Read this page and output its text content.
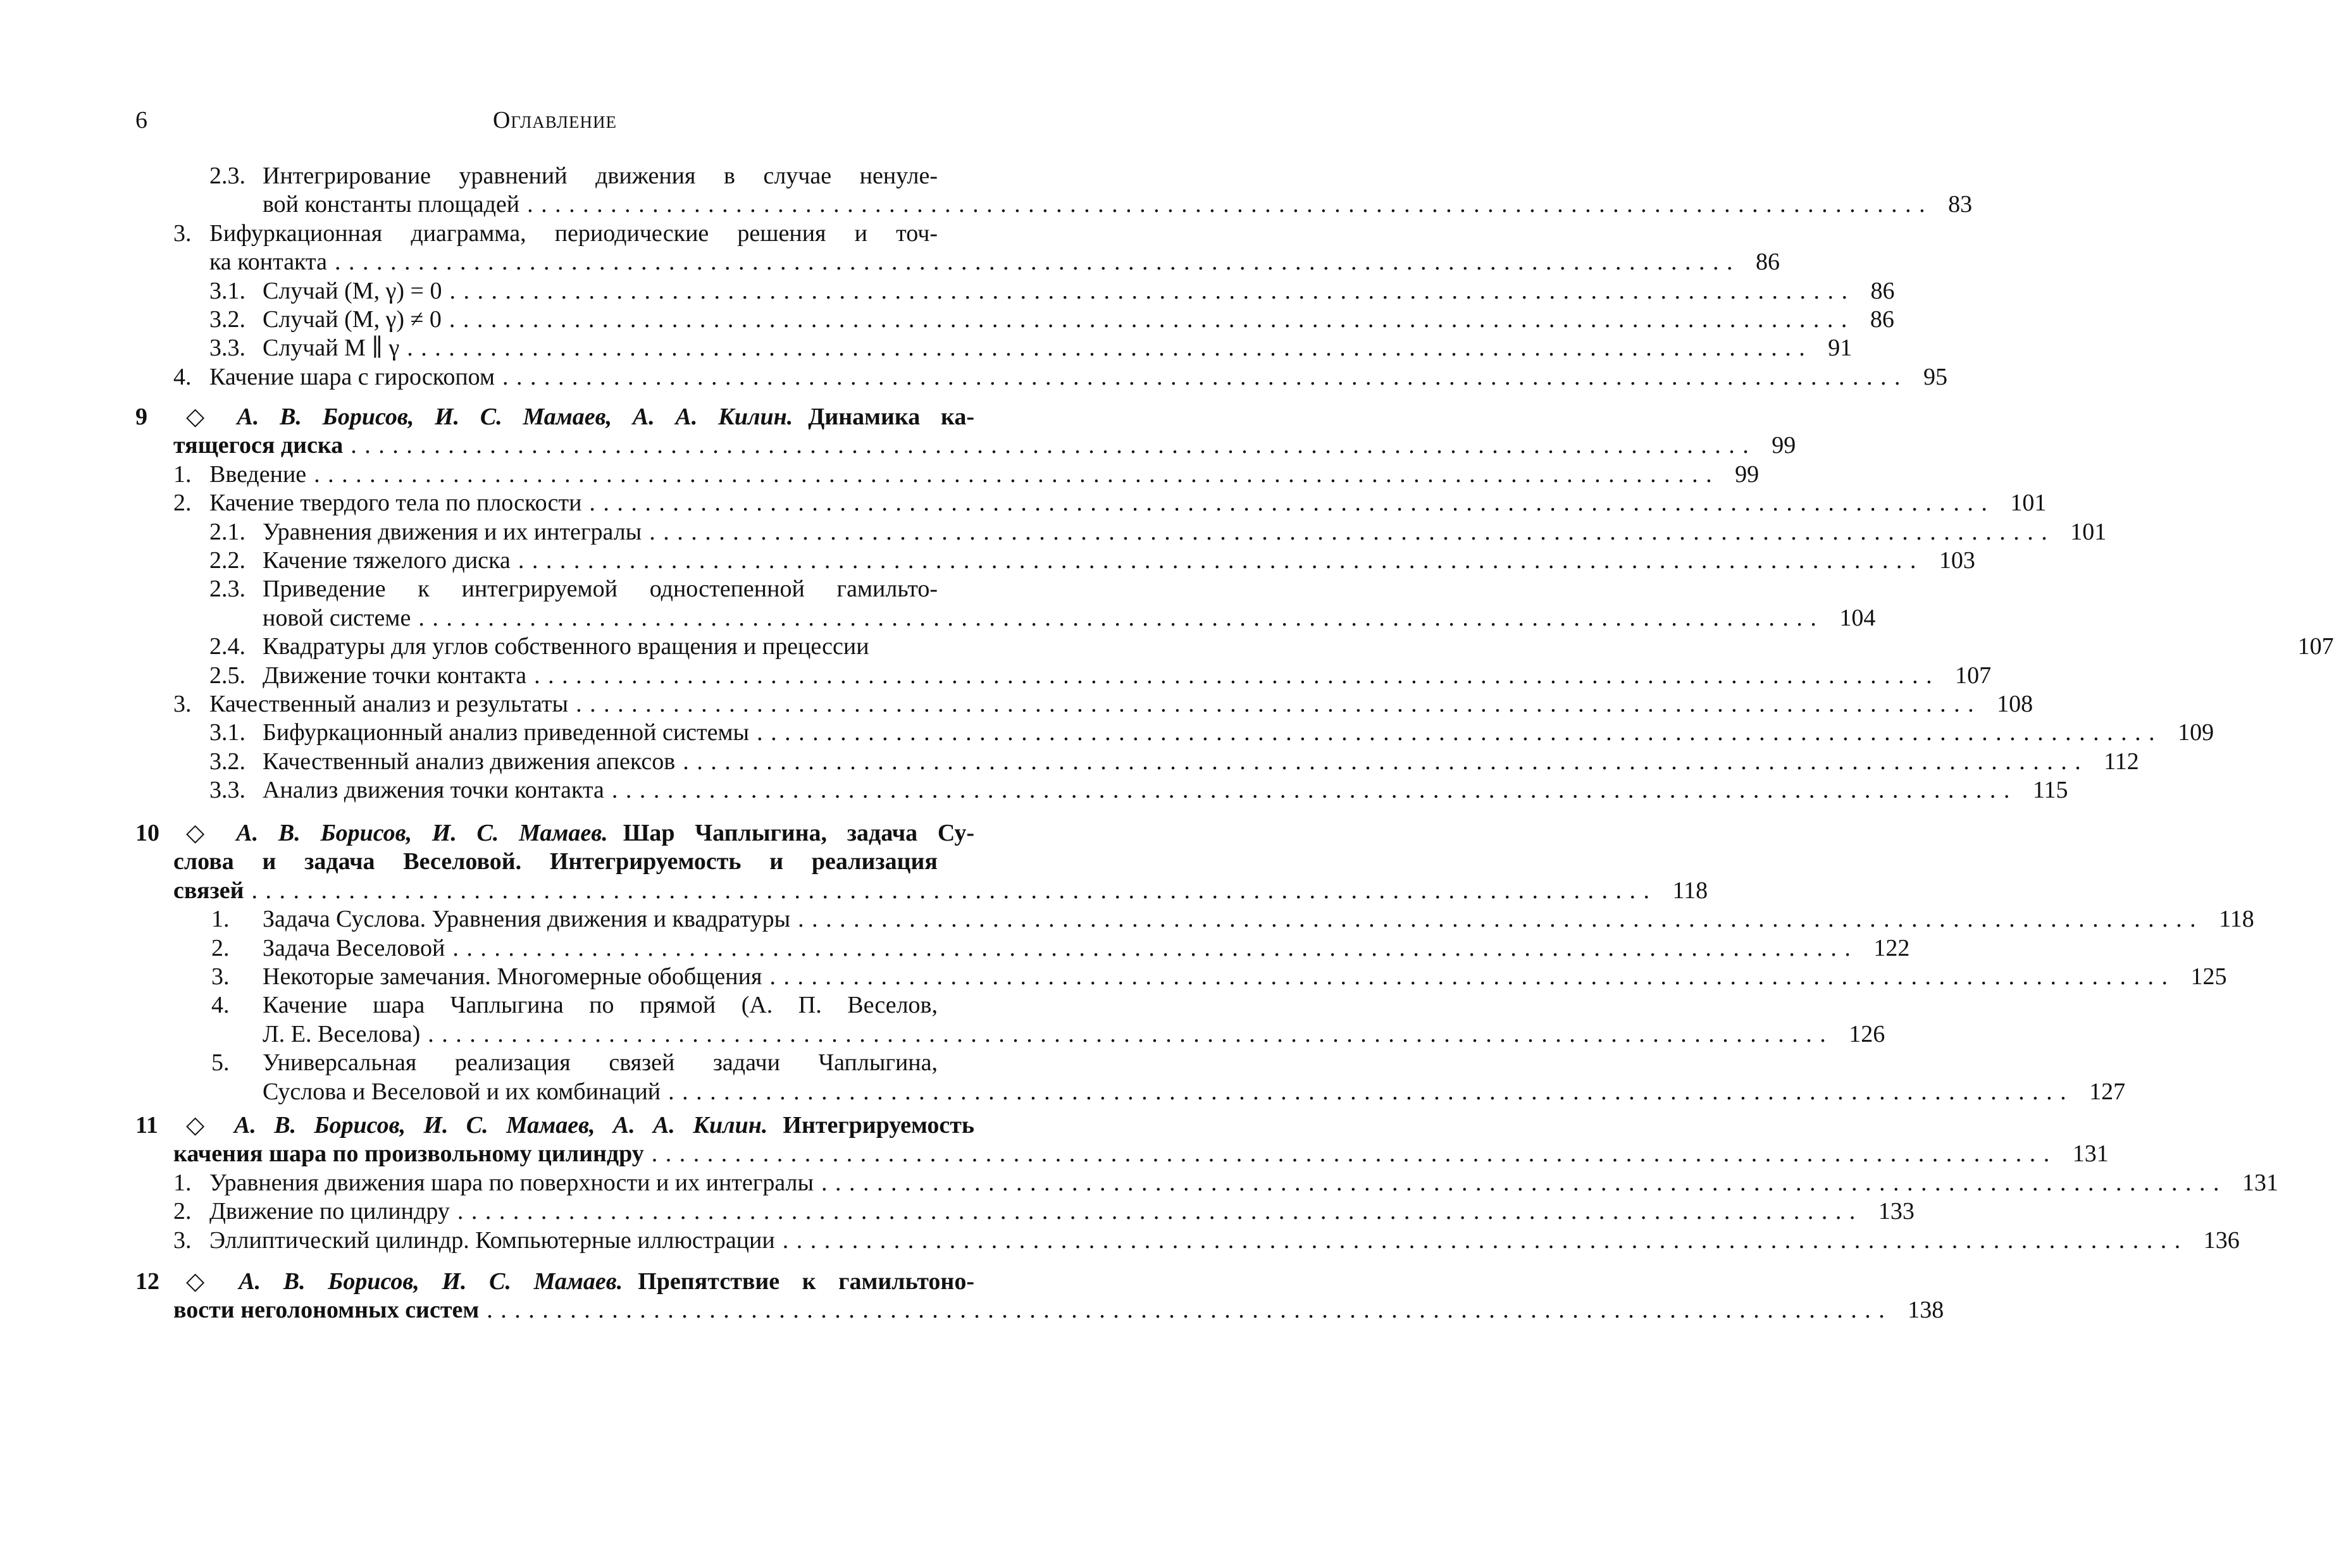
6	Оглавление
2.3. Интегрирование уравнений движения в случае ненуле-
вой константы площадей ..................................................................................................... 83
3. Бифуркационная диаграмма, периодические решения и точ-
ка контакта ..................................................................................................... 86
3.1. Случай (M, γ) = 0 ..................................................................................................... 86
3.2. Случай (M, γ) ≠ 0 ..................................................................................................... 86
3.3. Случай M ∥ γ ..................................................................................................... 91
4. Качение шара с гироскопом ..................................................................................................... 95
9 ◇ А. В. Борисов, И. С. Мамаев, А. А. Килин. Динамика ка-
тящегося диска ..................................................................................................... 99
1. Введение ..................................................................................................... 99
2. Качение твердого тела по плоскости ..................................................................................................... 101
2.1. Уравнения движения и их интегралы ..................................................................................................... 101
2.2. Качение тяжелого диска ..................................................................................................... 103
2.3. Приведение к интегрируемой одностепенной гамильто-
новой системе ..................................................................................................... 104
2.4. Квадратуры для углов собственного вращения и прецессии	107
2.5. Движение точки контакта ..................................................................................................... 107
3. Качественный анализ и результаты ..................................................................................................... 108
3.1. Бифуркационный анализ приведенной системы ..................................................................................................... 109
3.2. Качественный анализ движения апексов ..................................................................................................... 112
3.3. Анализ движения точки контакта ..................................................................................................... 115
10 ◇ А. В. Борисов, И. С. Мамаев. Шар Чаплыгина, задача Су-
слова и задача Веселовой. Интегрируемость и реализация
связей ..................................................................................................... 118
1. Задача Суслова. Уравнения движения и квадратуры ..................................................................................................... 118
2. Задача Веселовой ..................................................................................................... 122
3. Некоторые замечания. Многомерные обобщения ..................................................................................................... 125
4. Качение шара Чаплыгина по прямой (А. П. Веселов,
Л. Е. Веселова) ..................................................................................................... 126
5. Универсальная реализация связей задачи Чаплыгина,
Суслова и Веселовой и их комбинаций ..................................................................................................... 127
11 ◇ А. В. Борисов, И. С. Мамаев, А. А. Килин. Интегрируемость
качения шара по произвольному цилиндру ..................................................................................................... 131
1. Уравнения движения шара по поверхности и их интегралы ..................................................................................................... 131
2. Движение по цилиндру ..................................................................................................... 133
3. Эллиптический цилиндр. Компьютерные иллюстрации ..................................................................................................... 136
12 ◇ А. В. Борисов, И. С. Мамаев. Препятствие к гамильтоно-
вости неголономных систем ..................................................................................................... 138
